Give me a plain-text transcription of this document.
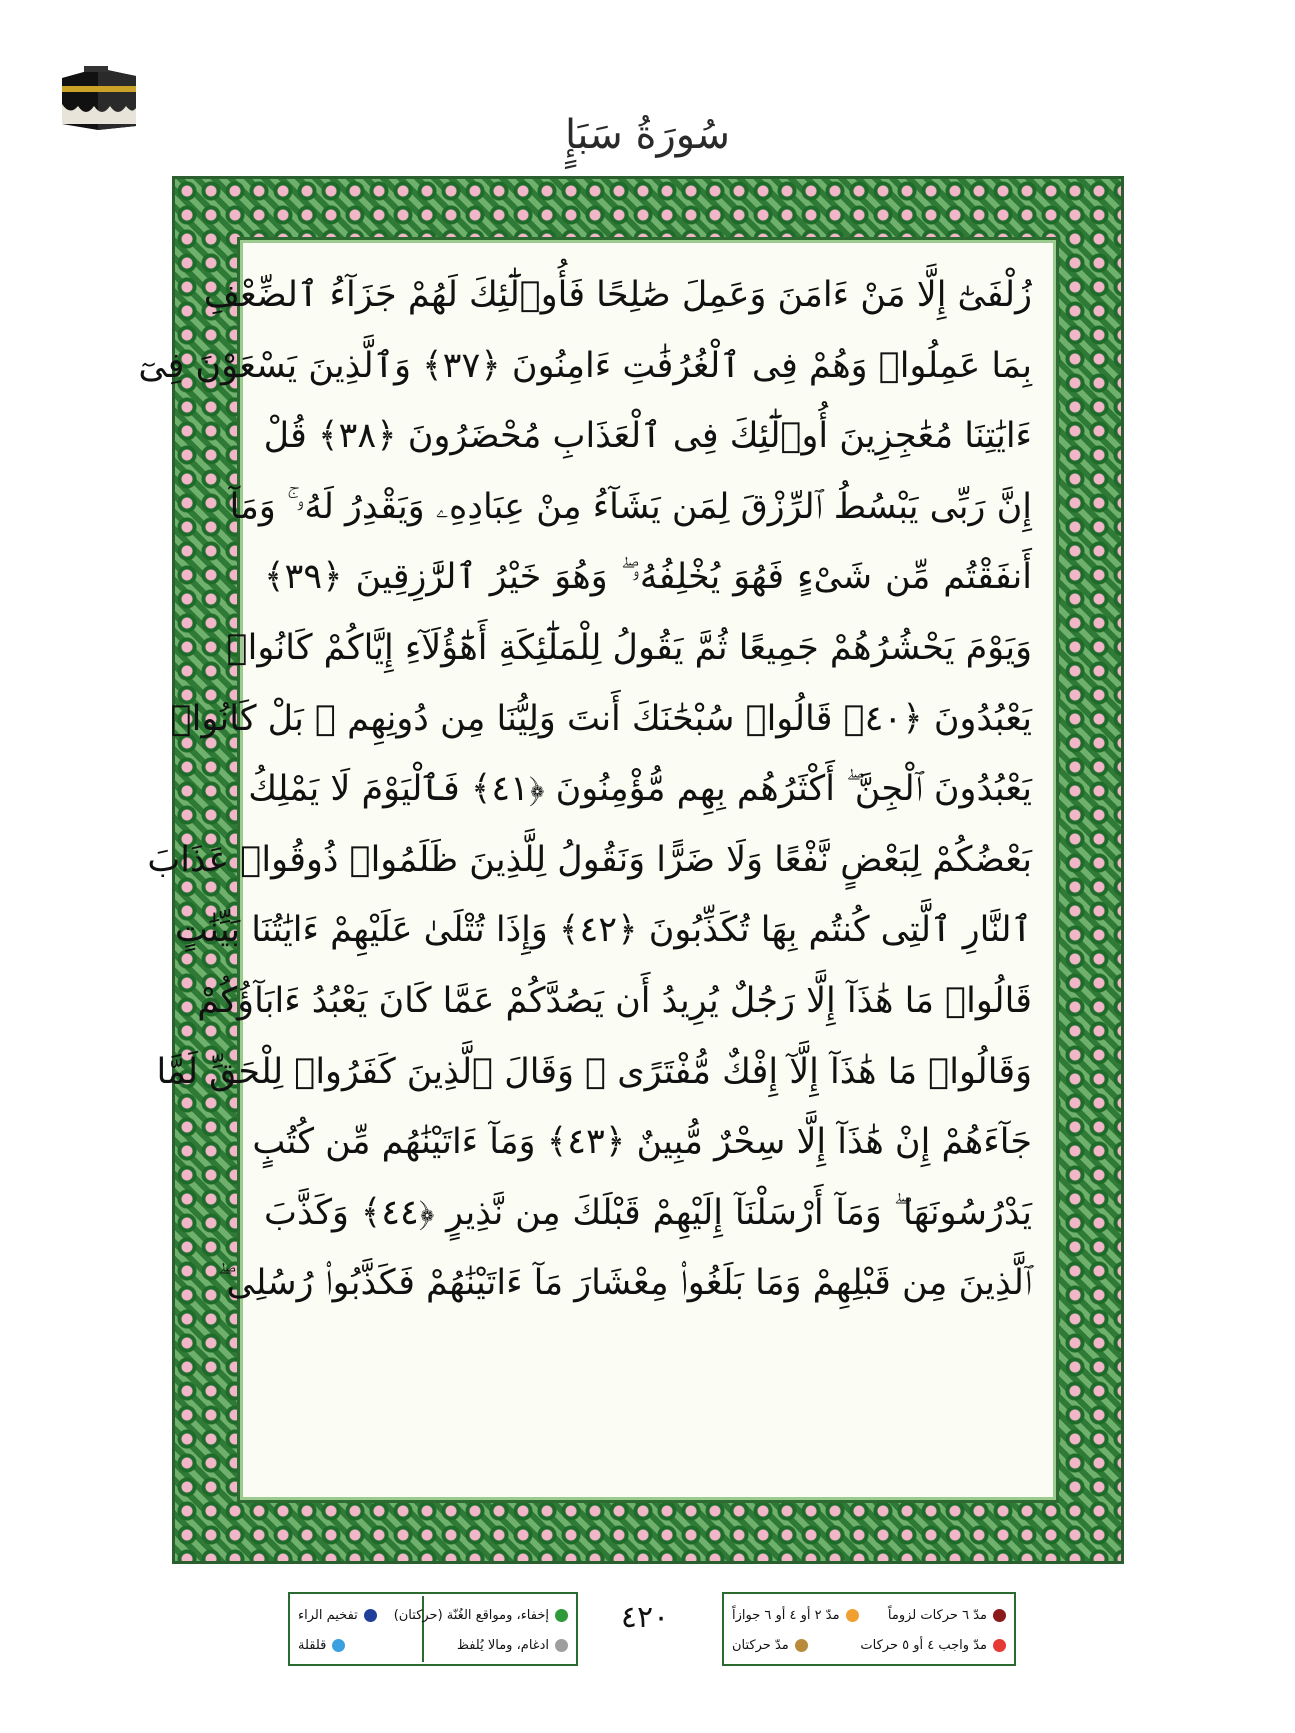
سُورَةُ سَبَإٍ
زُلْفَىٰٓ إِلَّا مَنْ ءَامَنَ وَعَمِلَ صَٰلِحًا فَأُو۟لَٰٓئِكَ لَهُمْ جَزَآءُ ٱلضِّعْفِ
بِمَا عَمِلُوا۟ وَهُمْ فِى ٱلْغُرُفَٰتِ ءَامِنُونَ ﴿٣٧﴾ وَٱلَّذِينَ يَسْعَوْنَ فِىٓ
ءَايَٰتِنَا مُعَٰجِزِينَ أُو۟لَٰٓئِكَ فِى ٱلْعَذَابِ مُحْضَرُونَ ﴿٣٨﴾ قُلْ
إِنَّ رَبِّى يَبْسُطُ ٱلرِّزْقَ لِمَن يَشَآءُ مِنْ عِبَادِهِۦ وَيَقْدِرُ لَهُۥ ۚ وَمَآ
أَنفَقْتُم مِّن شَىْءٍ فَهُوَ يُخْلِفُهُۥ ۖ وَهُوَ خَيْرُ ٱلرَّٰزِقِينَ ﴿٣٩﴾
وَيَوْمَ يَحْشُرُهُمْ جَمِيعًا ثُمَّ يَقُولُ لِلْمَلَٰٓئِكَةِ أَهَٰٓؤُلَآءِ إِيَّاكُمْ كَانُوا۟
يَعْبُدُونَ ﴿٤٠﴾ قَالُوا۟ سُبْحَٰنَكَ أَنتَ وَلِيُّنَا مِن دُونِهِم ۖ بَلْ كَانُوا۟
يَعْبُدُونَ ٱلْجِنَّ ۖ أَكْثَرُهُم بِهِم مُّؤْمِنُونَ ﴿٤١﴾ فَٱلْيَوْمَ لَا يَمْلِكُ
بَعْضُكُمْ لِبَعْضٍ نَّفْعًا وَلَا ضَرًّا وَنَقُولُ لِلَّذِينَ ظَلَمُوا۟ ذُوقُوا۟ عَذَابَ
ٱلنَّارِ ٱلَّتِى كُنتُم بِهَا تُكَذِّبُونَ ﴿٤٢﴾ وَإِذَا تُتْلَىٰ عَلَيْهِمْ ءَايَٰتُنَا بَيِّنَٰتٍ
قَالُوا۟ مَا هَٰذَآ إِلَّا رَجُلٌ يُرِيدُ أَن يَصُدَّكُمْ عَمَّا كَانَ يَعْبُدُ ءَابَآؤُكُمْ
وَقَالُوا۟ مَا هَٰذَآ إِلَّآ إِفْكٌ مُّفْتَرًى ۚ وَقَالَ ٱلَّذِينَ كَفَرُوا۟ لِلْحَقِّ لَمَّا
جَآءَهُمْ إِنْ هَٰذَآ إِلَّا سِحْرٌ مُّبِينٌ ﴿٤٣﴾ وَمَآ ءَاتَيْنَٰهُم مِّن كُتُبٍ
يَدْرُسُونَهَا ۖ وَمَآ أَرْسَلْنَآ إِلَيْهِمْ قَبْلَكَ مِن نَّذِيرٍ ﴿٤٤﴾ وَكَذَّبَ
ٱلَّذِينَ مِن قَبْلِهِمْ وَمَا بَلَغُوا۟ مِعْشَارَ مَآ ءَاتَيْنَٰهُمْ فَكَذَّبُوا۟ رُسُلِى ۖ
إخفاء، ومواقع الغُنّة (حركتان)
تفخيم الراء
ادغام، ومالا يُلفظ
قلقلة
٤٢٠	مدّ ٦ حركات لزوماً
مدّ ٢ أو ٤ أو ٦ جوازاً
مدّ واجب ٤ أو ٥ حركات
مدّ حركتان
